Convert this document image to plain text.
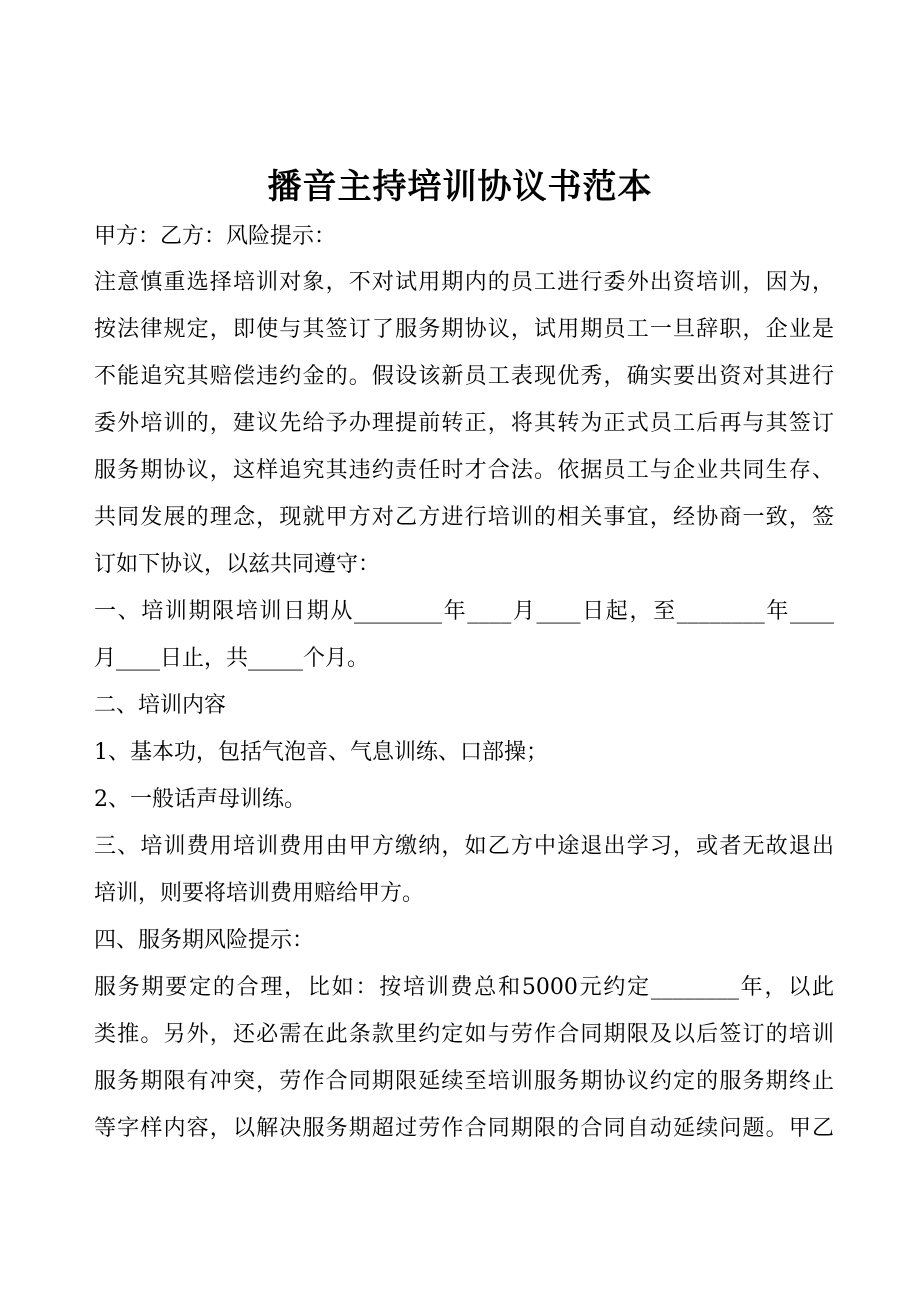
播音主持培训协议书范本
甲方：乙方：风险提示：
注意慎重选择培训对象，不对试用期内的员工进行委外出资培训，因为，
按法律规定，即使与其签订了服务期协议，试用期员工一旦辞职，企业是
不能追究其赔偿违约金的。假设该新员工表现优秀，确实要出资对其进行
委外培训的，建议先给予办理提前转正，将其转为正式员工后再与其签订
服务期协议，这样追究其违约责任时才合法。依据员工与企业共同生存、
共同发展的理念，现就甲方对乙方进行培训的相关事宜，经协商一致，签
订如下协议，以兹共同遵守：
一、培训期限培训日期从________年____月____日起，至________年____
月____日止，共_____个月。
二、培训内容
1、基本功，包括气泡音、气息训练、口部操；
2、一般话声母训练。
三、培训费用培训费用由甲方缴纳，如乙方中途退出学习，或者无故退出
培训，则要将培训费用赔给甲方。
四、服务期风险提示：
服务期要定的合理，比如：按培训费总和5000元约定________年，以此
类推。另外，还必需在此条款里约定如与劳作合同期限及以后签订的培训
服务期限有冲突，劳作合同期限延续至培训服务期协议约定的服务期终止
等字样内容，以解决服务期超过劳作合同期限的合同自动延续问题。甲乙
